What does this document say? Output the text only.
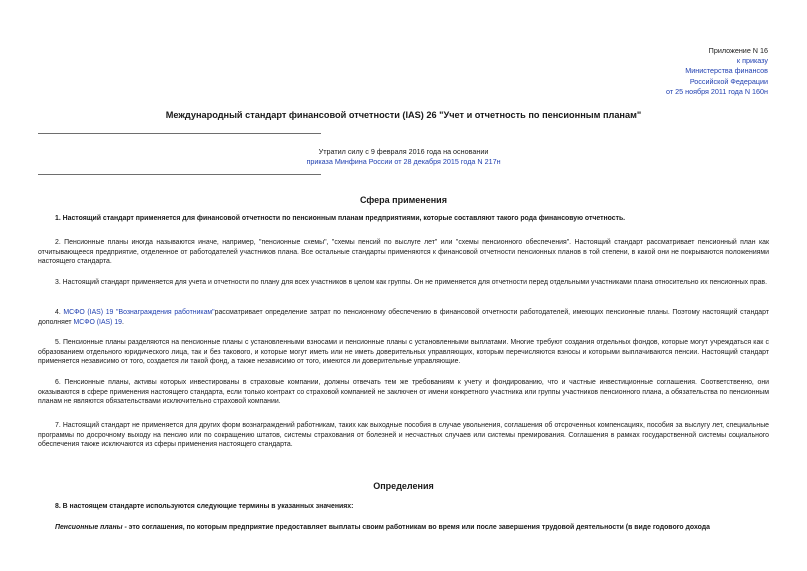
Приложение N 16
к приказу
Министерства финансов
Российской Федерации
от 25 ноября 2011 года N 160н
Международный стандарт финансовой отчетности (IAS) 26 "Учет и отчетность по пенсионным планам"
Утратил силу с 9 февраля 2016 года на основании
приказа Минфина России от 28 декабря 2015 года N 217н
Сфера применения
1. Настоящий стандарт применяется для финансовой отчетности по пенсионным планам предприятиями, которые составляют такого рода финансовую отчетность.
2. Пенсионные планы иногда называются иначе, например, "пенсионные схемы", "схемы пенсий по выслуге лет" или "схемы пенсионного обеспечения". Настоящий стандарт рассматривает пенсионный план как отчитывающееся предприятие, отделенное от работодателей участников плана. Все остальные стандарты применяются к финансовой отчетности пенсионных планов в той степени, в какой они не покрываются положениями настоящего стандарта.
3. Настоящий стандарт применяется для учета и отчетности по плану для всех участников в целом как группы. Он не применяется для отчетности перед отдельными участниками плана относительно их пенсионных прав.
4. МСФО (IAS) 19 "Вознаграждения работникам"рассматривает определение затрат по пенсионному обеспечению в финансовой отчетности работодателей, имеющих пенсионные планы. Поэтому настоящий стандарт дополняет МСФО (IAS) 19.
5. Пенсионные планы разделяются на пенсионные планы с установленными взносами и пенсионные планы с установленными выплатами. Многие требуют создания отдельных фондов, которые могут учреждаться как с образованием отдельного юридического лица, так и без такового, и которые могут иметь или не иметь доверительных управляющих, которым перечисляются взносы и которыми выплачиваются пенсии. Настоящий стандарт применяется независимо от того, создается ли такой фонд, а также независимо от того, имеются ли доверительные управляющие.
6. Пенсионные планы, активы которых инвестированы в страховые компании, должны отвечать тем же требованиям к учету и фондированию, что и частные инвестиционные соглашения. Соответственно, они оказываются в сфере применения настоящего стандарта, если только контракт со страховой компанией не заключен от имени конкретного участника или группы участников пенсионного плана, а обязательства по пенсионным планам не являются обязательствами исключительно страховой компании.
7. Настоящий стандарт не применяется для других форм вознаграждений работникам, таких как выходные пособия в случае увольнения, соглашения об отсроченных компенсациях, пособия за выслугу лет, специальные программы по досрочному выходу на пенсию или по сокращению штатов, системы страхования от болезней и несчастных случаев или системы премирования. Соглашения в рамках государственной системы социального обеспечения также исключаются из сферы применения настоящего стандарта.
Определения
8. В настоящем стандарте используются следующие термины в указанных значениях:
Пенсионные планы - это соглашения, по которым предприятие предоставляет выплаты своим работникам во время или после завершения трудовой деятельности (в виде годового дохода
